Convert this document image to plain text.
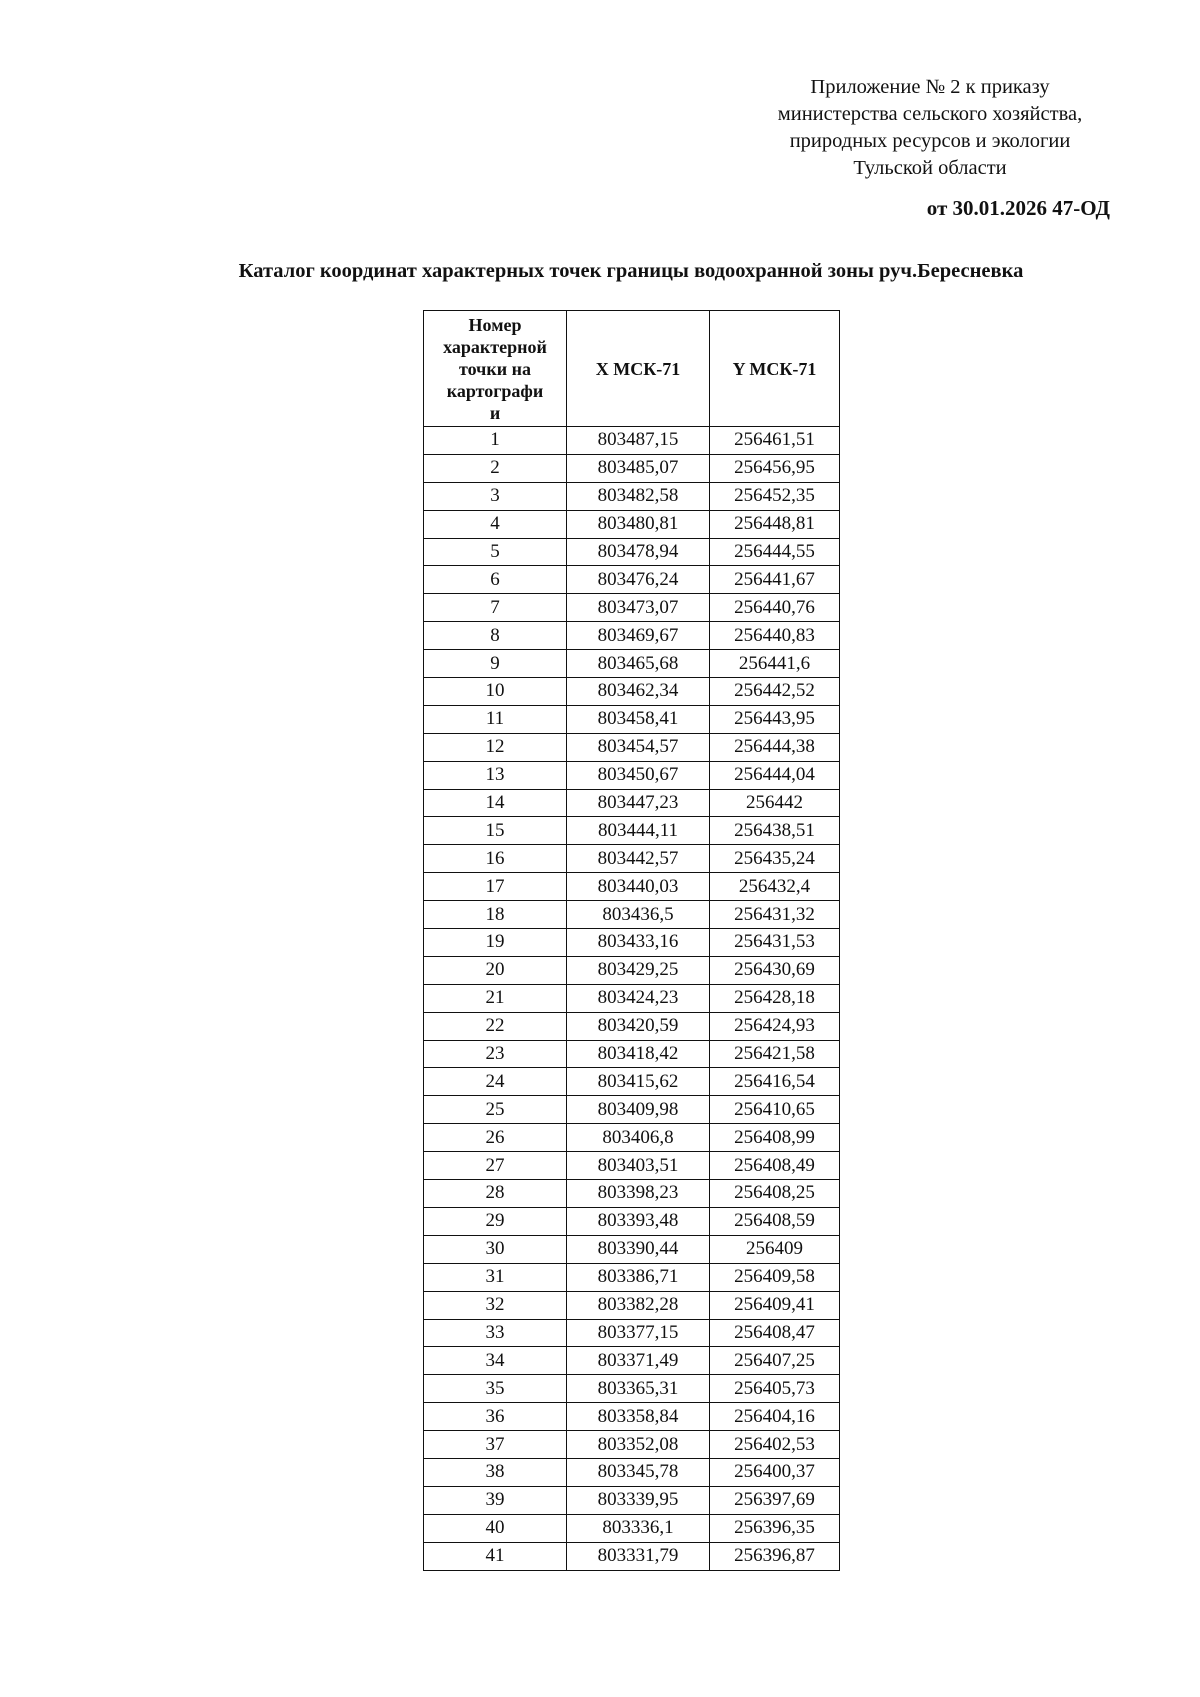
Приложение № 2 к приказу
министерства сельского хозяйства,
природных ресурсов и экологии
Тульской области
от 30.01.2026 47-ОД
Каталог координат характерных точек границы водоохранной зоны руч.Бересневка
Номер
характерной
точки на
картографи
и	X МСК-71	Y МСК-71
1	803487,15	256461,51
2	803485,07	256456,95
3	803482,58	256452,35
4	803480,81	256448,81
5	803478,94	256444,55
6	803476,24	256441,67
7	803473,07	256440,76
8	803469,67	256440,83
9	803465,68	256441,6
10	803462,34	256442,52
11	803458,41	256443,95
12	803454,57	256444,38
13	803450,67	256444,04
14	803447,23	256442
15	803444,11	256438,51
16	803442,57	256435,24
17	803440,03	256432,4
18	803436,5	256431,32
19	803433,16	256431,53
20	803429,25	256430,69
21	803424,23	256428,18
22	803420,59	256424,93
23	803418,42	256421,58
24	803415,62	256416,54
25	803409,98	256410,65
26	803406,8	256408,99
27	803403,51	256408,49
28	803398,23	256408,25
29	803393,48	256408,59
30	803390,44	256409
31	803386,71	256409,58
32	803382,28	256409,41
33	803377,15	256408,47
34	803371,49	256407,25
35	803365,31	256405,73
36	803358,84	256404,16
37	803352,08	256402,53
38	803345,78	256400,37
39	803339,95	256397,69
40	803336,1	256396,35
41	803331,79	256396,87
